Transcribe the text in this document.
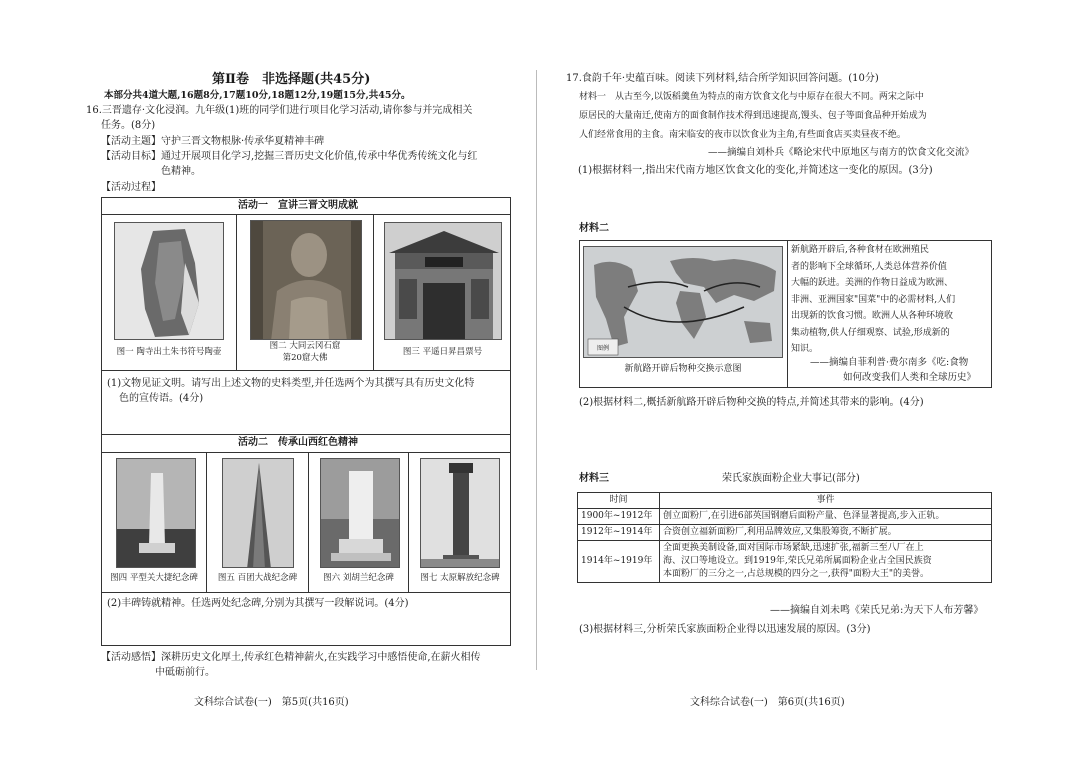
第Ⅱ卷　非选择题(共45分)
本部分共4道大题,16题8分,17题10分,18题12分,19题15分,共45分。
16.三晋遗存·文化浸润。九年级(1)班的同学们进行项目化学习活动,请你参与并完成相关
任务。(8分)
【活动主题】守护三晋文物根脉·传承华夏精神丰碑
【活动目标】通过开展项目化学习,挖掘三晋历史文化价值,传承中华优秀传统文化与红
色精神。
【活动过程】
活动一　宣讲三晋文明成就
图一 陶寺出土朱书符号陶壶
图二 大同云冈石窟
第20窟大佛
图三 平遥日昇昌票号
(1)文物见证文明。请写出上述文物的史料类型,并任选两个为其撰写具有历史文化特
色的宣传语。(4分)
活动二　传承山西红色精神
图四 平型关大捷纪念碑	图五 百团大战纪念碑	图六 刘胡兰纪念碑	图七 太原解放纪念碑
(2)丰碑铸就精神。任选两处纪念碑,分别为其撰写一段解说词。(4分)
【活动感悟】深耕历史文化厚土,传承红色精神薪火,在实践学习中感悟使命,在薪火相传
中砥砺前行。
文科综合试卷(一)　第5页(共16页)
17.食韵千年·史蕴百味。阅读下列材料,结合所学知识回答问题。(10分)
材料一　从古至今,以饭稻羹鱼为特点的南方饮食文化与中原存在很大不同。两宋之际中
原居民的大量南迁,使南方的面食制作技术得到迅速提高,馒头、包子等面食品种开始成为
人们经常食用的主食。南宋临安的夜市以饮食业为主角,有些面食店买卖昼夜不绝。
——摘编自刘朴兵《略论宋代中原地区与南方的饮食文化交流》
(1)根据材料一,指出宋代南方地区饮食文化的变化,并简述这一变化的原因。(3分)
材料二
图例
新航路开辟后物种交换示意图
新航路开辟后,各种食材在欧洲殖民
者的影响下全球循环,人类总体营养价值
大幅的跃进。美洲的作物日益成为欧洲、
非洲、亚洲国家"国菜"中的必需材料,人们
出现新的饮食习惯。欧洲人从各种环境收
集动植物,供人仔细观察、试验,形成新的
知识。
——摘编自菲利普·费尔南多《吃:食物
如何改变我们人类和全球历史》
(2)根据材料二,概括新航路开辟后物种交换的特点,并简述其带来的影响。(4分)
材料三	荣氏家族面粉企业大事记(部分)
时间	事件
1900年~1912年	创立面粉厂,在引进6部英国钢磨后面粉产量、色泽显著提高,步入正轨。

1912年~1914年	合资创立福新面粉厂,利用品牌效应,又集股筹资,不断扩展。

1914年~1919年	全面更换美制设备,面对国际市场紧缺,迅速扩张,福新三至八厂在上
海、汉口等地设立。到1919年,荣氏兄弟所属面粉企业占全国民族资
本面粉厂的三分之一,占总规模的四分之一,获得"面粉大王"的美誉。
——摘编自刘未鸣《荣氏兄弟:为天下人布芳馨》
(3)根据材料三,分析荣氏家族面粉企业得以迅速发展的原因。(3分)
文科综合试卷(一)　第6页(共16页)
